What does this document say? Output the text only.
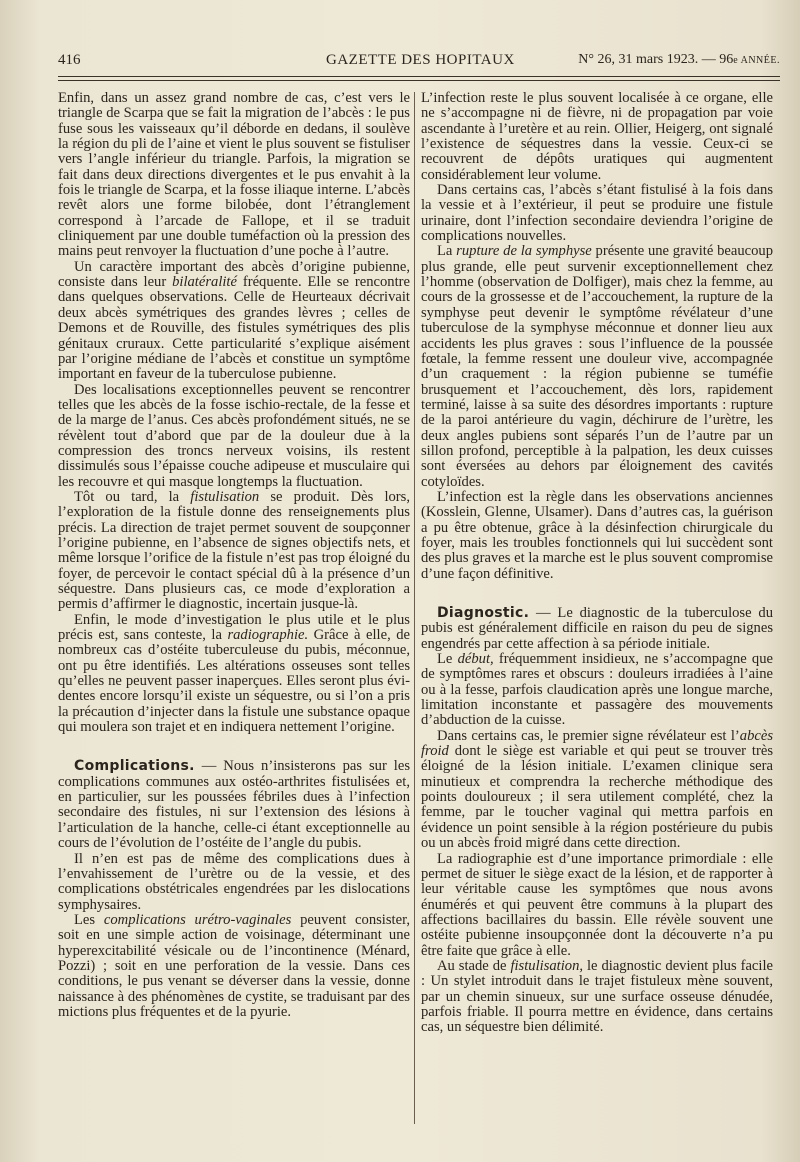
416	GAZETTE DES HOPITAUX	N° 26, 31 mars 1923. — 96e ANNÉE.

Enfin, dans un assez grand nombre de cas, c’est vers le triangle de Scarpa que se fait la migration de l’abcès : le pus fuse sous les vaisseaux qu’il déborde en dedans, il soulève la région du pli de l’aine et vient le plus souvent se fistuliser vers l’angle inférieur du triangle. Parfois, la migration se fait dans deux directions divergentes et le pus envahit à la fois le triangle de Scarpa, et la fosse iliaque interne. L’abcès revêt alors une forme bilobée, dont l’étranglement correspond à l’arcade de Fallope, et il se traduit cliniquement par une double tuméfaction où la pression des mains peut renvoyer la fluctuation d’une poche à l’autre.

Un caractère important des abcès d’origine pubienne, consiste dans leur bilatéralité fréquente. Elle se rencontre dans quelques observations. Celle de Heurteaux décrivait deux abcès symétriques des grandes lèvres ; celles de Demons et de Rouville, des fistules symétriques des plis génitaux cruraux. Cette particularité s’explique aisément par l’origine médiane de l’abcès et constitue un symptôme important en faveur de la tuberculose pubienne.

Des localisations exceptionnelles peuvent se rencontrer telles que les abcès de la fosse ischio-rectale, de la fesse et de la marge de l’anus. Ces abcès profondément situés, ne se révèlent tout d’abord que par de la douleur due à la compression des troncs nerveux voisins, ils restent dissimulés sous l’épaisse couche adipeuse et musculaire qui les recouvre et qui masque longtemps la fluctuation.

Tôt ou tard, la fistulisation se produit. Dès lors, l’exploration de la fistule donne des renseignements plus précis. La direction de trajet permet souvent de soupçonner l’origine pubienne, en l’absence de signes objectifs nets, et même lorsque l’orifice de la fistule n’est pas trop éloigné du foyer, de percevoir le contact spécial dû à la présence d’un séquestre. Dans plusieurs cas, ce mode d’exploration a permis d’affirmer le diagnostic, incertain jusque-là.

Enfin, le mode d’investigation le plus utile et le plus précis est, sans conteste, la radiographie. Grâce à elle, de nombreux cas d’ostéite tuberculeuse du pubis, méconnue, ont pu être identifiés. Les altérations osseuses sont telles qu’elles ne peuvent passer inaperçues. Elles seront plus évidentes encore lorsqu’il existe un séquestre, ou si l’on a pris la précaution d’injecter dans la fistule une substance opaque qui moulera son trajet et en indiquera nettement l’origine.

Complications. — Nous n’insisterons pas sur les complications communes aux ostéo-arthrites fistulisées et, en particulier, sur les poussées fébriles dues à l’infection secondaire des fistules, ni sur l’extension des lésions à l’articulation de la hanche, celle-ci étant exceptionnelle au cours de l’évolution de l’ostéite de l’angle du pubis.

Il n’en est pas de même des complications dues à l’envahissement de l’urètre ou de la vessie, et des complications obstétricales engendrées par les dislocations symphysaires.

Les complications urétro-vaginales peuvent consister, soit en une simple action de voisinage, déterminant une hyperexcitabilité vésicale ou de l’incontinence (Ménard, Pozzi) ; soit en une perforation de la vessie. Dans ces conditions, le pus venant se déverser dans la vessie, donne naissance à des phénomènes de cystite, se traduisant par des mictions plus fréquentes et de la pyurie.

L’infection reste le plus souvent localisée à ce organe, elle ne s’accompagne ni de fièvre, ni de propagation par voie ascendante à l’uretère et au rein. Ollier, Heigerg, ont signalé l’existence de séquestres dans la vessie. Ceux-ci se recouvrent de dépôts uratiques qui augmentent considérablement leur volume.

Dans certains cas, l’abcès s’étant fistulisé à la fois dans la vessie et à l’extérieur, il peut se produire une fistule urinaire, dont l’infection secondaire deviendra l’origine de complications nouvelles.

La rupture de la symphyse présente une gravité beaucoup plus grande, elle peut survenir exceptionnellement chez l’homme (observation de Dolfiger), mais chez la femme, au cours de la grossesse et de l’accouchement, la rupture de la symphyse peut devenir le symptôme révélateur d’une tuberculose de la symphyse méconnue et donner lieu aux accidents les plus graves : sous l’influence de la poussée fœtale, la femme ressent une douleur vive, accompagnée d’un craquement : la région pubienne se tuméfie brusquement et l’accouchement, dès lors, rapidement terminé, laisse à sa suite des désordres importants : rupture de la paroi antérieure du vagin, déchirure de l’urètre, les deux angles pubiens sont séparés l’un de l’autre par un sillon profond, perceptible à la palpation, les deux cuisses sont éversées au dehors par éloignement des cavités cotyloïdes.

L’infection est la règle dans les observations anciennes (Kosslein, Glenne, Ulsamer). Dans d’autres cas, la guérison a pu être obtenue, grâce à la désinfection chirurgicale du foyer, mais les troubles fonctionnels qui lui succèdent sont des plus graves et la marche est le plus souvent compromise d’une façon définitive.

Diagnostic. — Le diagnostic de la tuberculose du pubis est généralement difficile en raison du peu de signes engendrés par cette affection à sa période initiale.

Le début, fréquemment insidieux, ne s’accompagne que de symptômes rares et obscurs : douleurs irradiées à l’aine ou à la fesse, parfois claudication après une longue marche, limitation inconstante et passagère des mouvements d’abduction de la cuisse.

Dans certains cas, le premier signe révélateur est l’abcès froid dont le siège est variable et qui peut se trouver très éloigné de la lésion initiale. L’examen clinique sera minutieux et comprendra la recherche méthodique des points douloureux ; il sera utilement complété, chez la femme, par le toucher vaginal qui mettra parfois en évidence un point sensible à la région postérieure du pubis ou un abcès froid migré dans cette direction.

La radiographie est d’une importance primordiale : elle permet de situer le siège exact de la lésion, et de rapporter à leur véritable cause les symptômes que nous avons énumérés et qui peuvent être communs à la plupart des affections bacillaires du bassin. Elle révèle souvent une ostéite pubienne insoupçonnée dont la découverte n’a pu être faite que grâce à elle.

Au stade de fistulisation, le diagnostic devient plus facile : Un stylet introduit dans le trajet fistuleux mène souvent, par un chemin sinueux, sur une surface osseuse dénudée, parfois friable. Il pourra mettre en évidence, dans certains cas, un séquestre bien délimité.
